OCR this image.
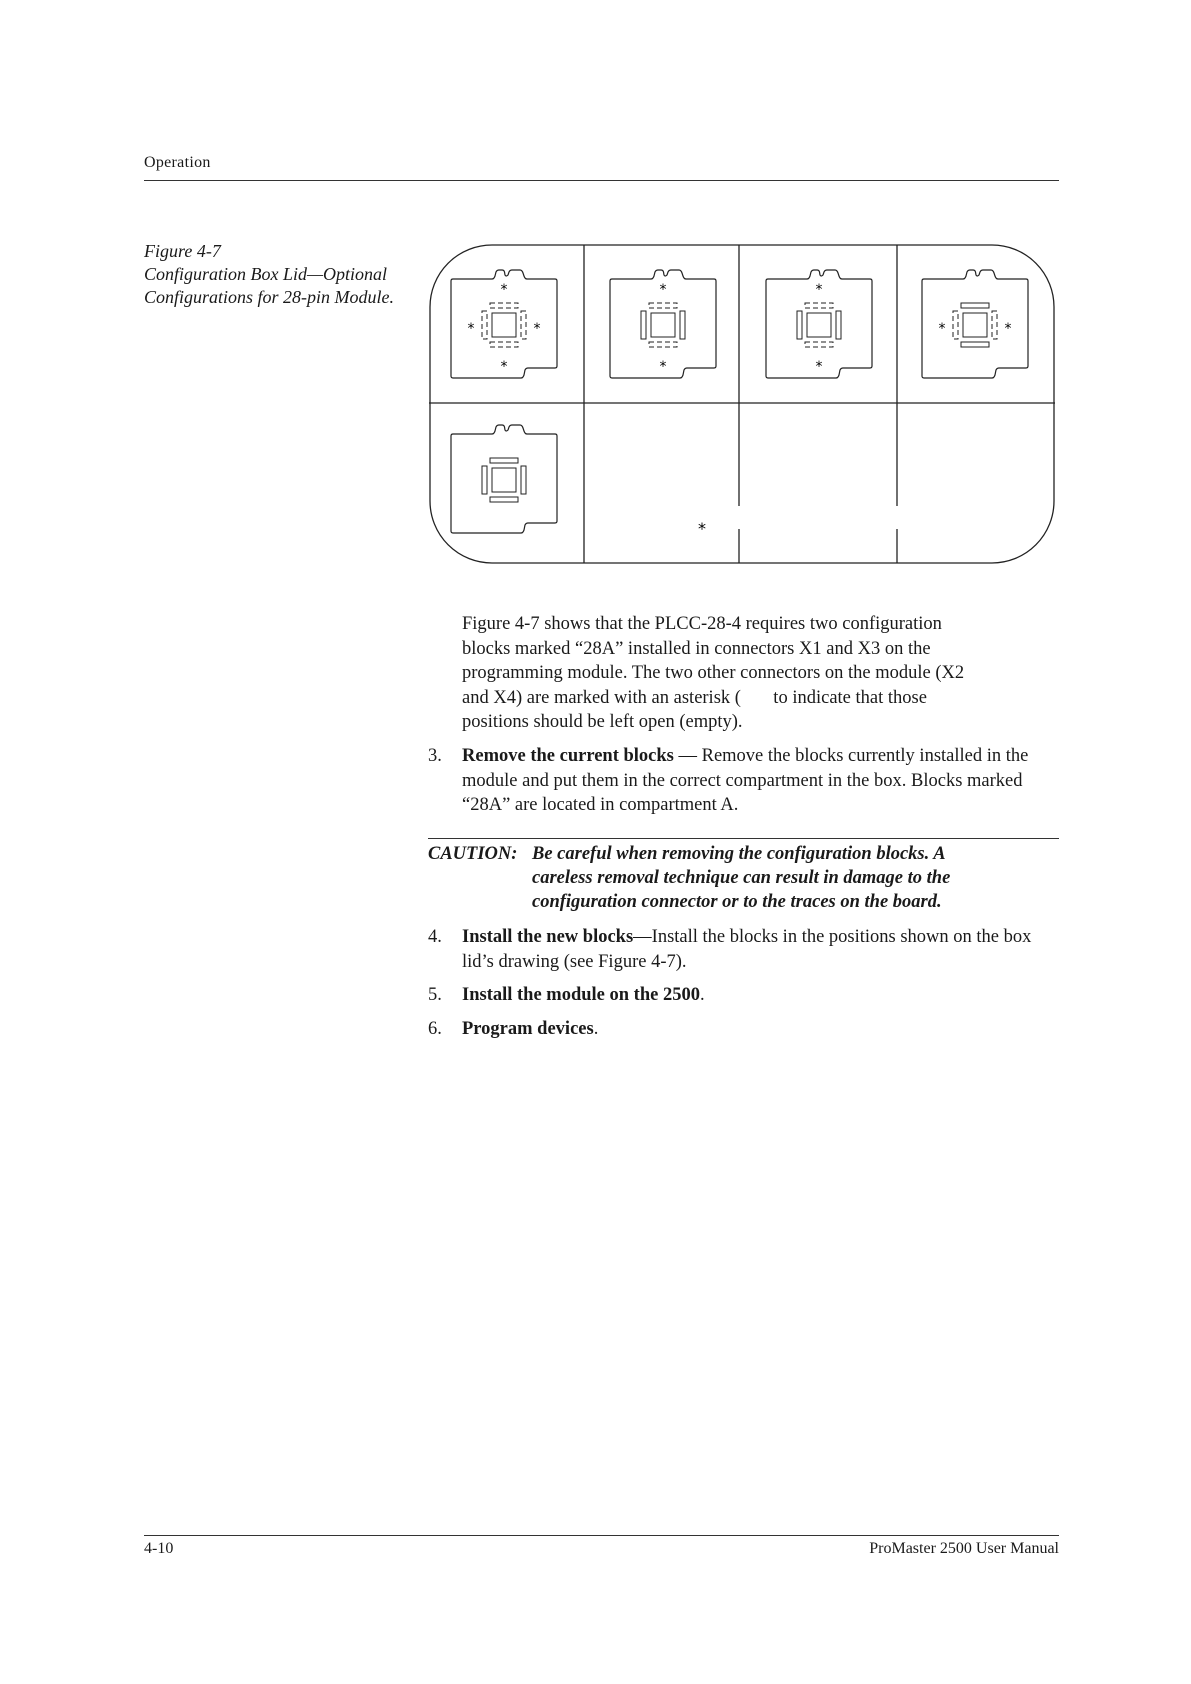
Operation
Figure 4-7
Configuration Box Lid—Optional
Configurations for 28-pin Module.
*
*
*
*	*
*
*
*
*
*	*

Figure 4-7 shows that the PLCC-28-4 requires two configuration

blocks marked “28A” installed in connectors X1 and X3 on the

programming module. The two other connectors on the module (X2

and X4) are marked with an asterisk (       to indicate that those

positions should be left open (empty).

3. Remove the current blocks — Remove the blocks currently installed in the module and put them in the correct compartment in the box. Blocks marked “28A” are located in compartment A.
CAUTION: Be careful when removing the configuration blocks. A
careless removal technique can result in damage to the
configuration connector or to the traces on the board.
4. Install the new blocks—Install the blocks in the positions shown on the box lid’s drawing (see Figure 4-7).
5. Install the module on the 2500.
6. Program devices.
4-10	ProMaster 2500 User Manual
